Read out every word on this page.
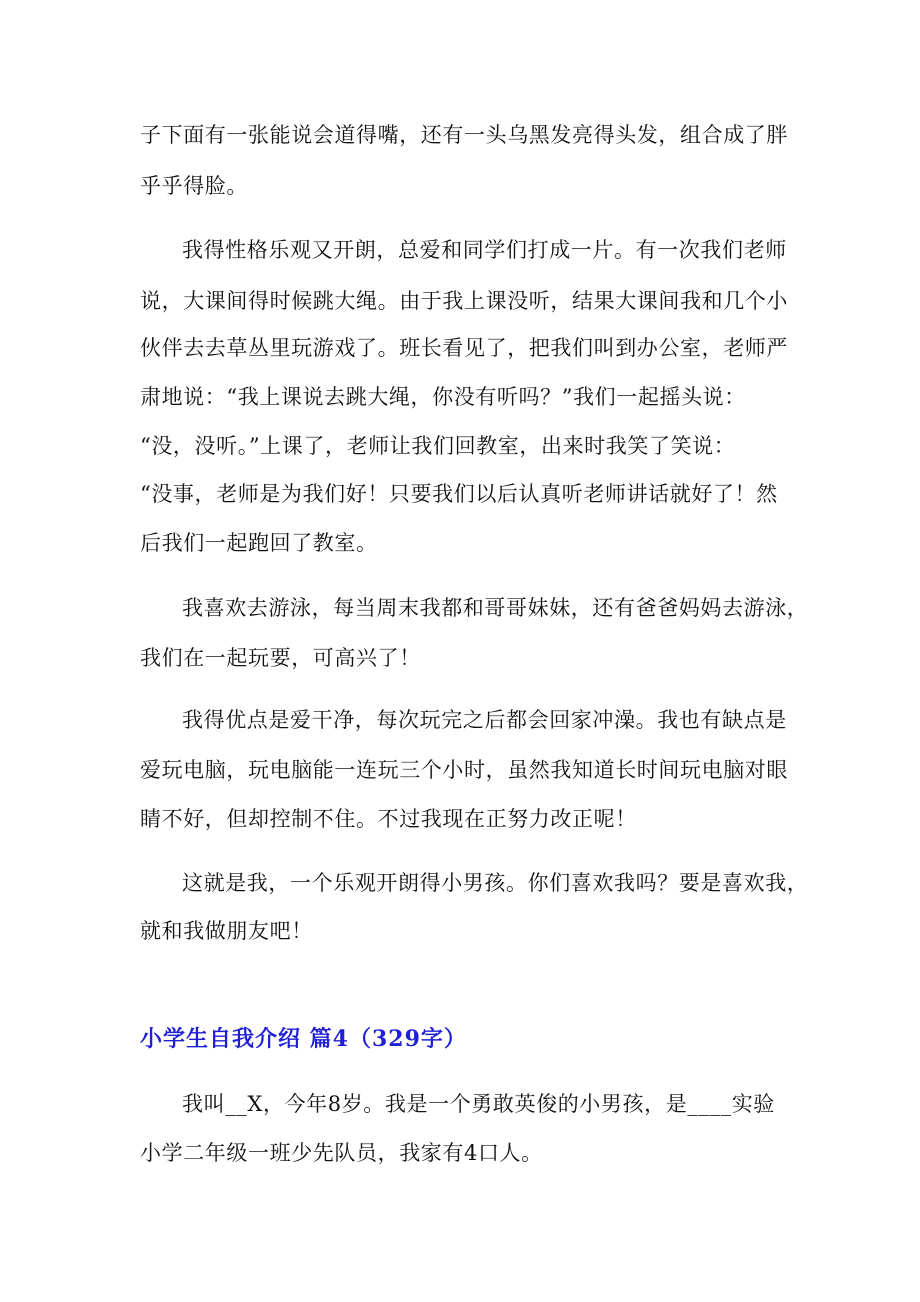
子下面有一张能说会道得嘴，还有一头乌黑发亮得头发，组合成了胖
乎乎得脸。
我得性格乐观又开朗，总爱和同学们打成一片。有一次我们老师
说，大课间得时候跳大绳。由于我上课没听，结果大课间我和几个小
伙伴去去草丛里玩游戏了。班长看见了，把我们叫到办公室，老师严
肃地说：“我上课说去跳大绳，你没有听吗？”我们一起摇头说：
“没，没听。”上课了，老师让我们回教室，出来时我笑了笑说：
“没事，老师是为我们好！只要我们以后认真听老师讲话就好了！然
后我们一起跑回了教室。
我喜欢去游泳，每当周末我都和哥哥妹妹，还有爸爸妈妈去游泳，
我们在一起玩要，可高兴了！
我得优点是爱干净，每次玩完之后都会回家冲澡。我也有缺点是
爱玩电脑，玩电脑能一连玩三个小时，虽然我知道长时间玩电脑对眼
睛不好，但却控制不住。不过我现在正努力改正呢！
这就是我，一个乐观开朗得小男孩。你们喜欢我吗？要是喜欢我，
就和我做朋友吧！
小学生自我介绍 篇4（329字）
我叫__X，今年8岁。我是一个勇敢英俊的小男孩，是____实验
小学二年级一班少先队员，我家有4口人。
